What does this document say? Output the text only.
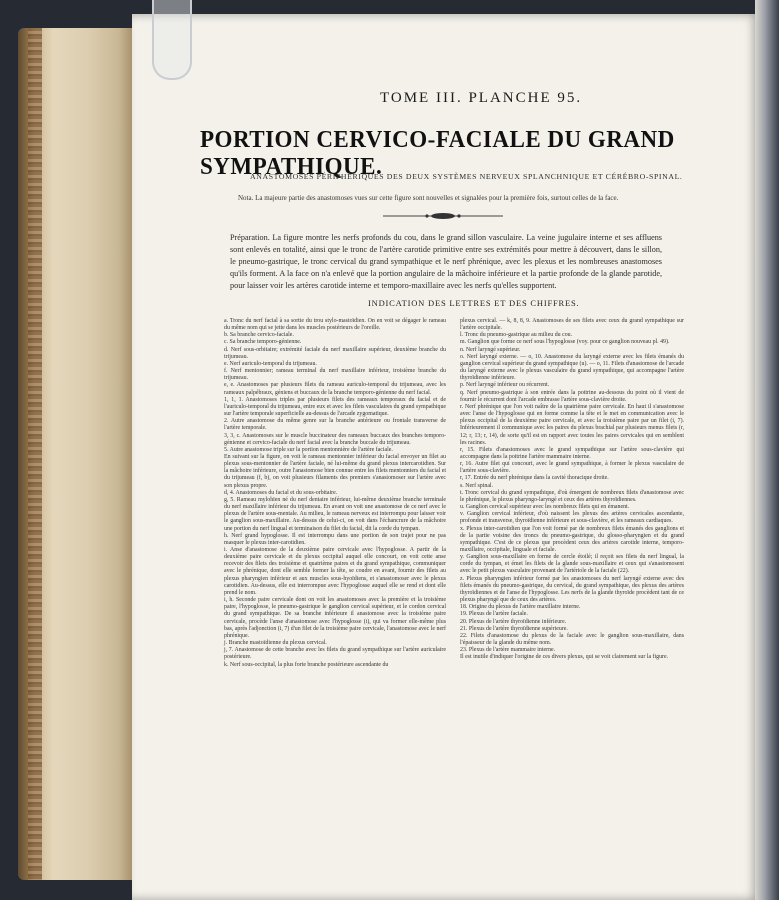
TOME III. PLANCHE 95.
PORTION CERVICO-FACIALE DU GRAND SYMPATHIQUE.
ANASTOMOSES PÉRIPHÉRIQUES DES DEUX SYSTÈMES NERVEUX SPLANCHNIQUE ET CÉRÉBRO-SPINAL.
Nota. La majeure partie des anastomoses vues sur cette figure sont nouvelles et signalées pour la première fois, surtout celles de la face.
Préparation. La figure montre les nerfs profonds du cou, dans le grand sillon vasculaire. La veine jugulaire interne et ses affluens sont enlevés en totalité, ainsi que le tronc de l'artère carotide primitive entre ses extrémités pour mettre à découvert, dans le sillon, le pneumo-gastrique, le tronc cervical du grand sympathique et le nerf phrénique, avec les plexus et les nombreuses anastomoses qu'ils forment. A la face on n'a enlevé que la portion angulaire de la mâchoire inférieure et la partie profonde de la glande parotide, pour laisser voir les artères carotide interne et temporo-maxillaire avec les nerfs qu'elles supportent.
INDICATION DES LETTRES ET DES CHIFFRES.

a. Tronc du nerf facial à sa sortie du trou stylo-mastoïdien. On en voit se dégager le rameau du même nom qui se jette dans les muscles postérieurs de l'oreille.

b. Sa branche cervico-faciale.

c. Sa branche temporo-génienne.

d. Nerf sous-orbitaire; extrémité faciale du nerf maxillaire supérieur, deuxième branche du trijumeau.

e. Nerf auriculo-temporal du trijumeau.

f. Nerf mentonnier; rameau terminal du nerf maxillaire inférieur, troisième branche du trijumeau.

e, e. Anastomoses par plusieurs filets du rameau auriculo-temporal du trijumeau, avec les rameaux palpébraux, géniens et buccaux de la branche temporo-génienne du nerf facial.

1, 1, 1. Anastomoses triples par plusieurs filets des rameaux temporaux du facial et de l'auriculo-temporal du trijumeau, entre eux et avec les filets vasculaires du grand sympathique sur l'artère temporale superficielle au-dessus de l'arcade zygomatique.

2. Autre anastomose du même genre sur la branche antérieure ou frontale transverse de l'artère temporale.

3, 3, c. Anastomoses sur le muscle buccinateur des rameaux buccaux des branches temporo-génienne et cervico-faciale du nerf facial avec la branche buccale du trijumeau.

5. Autre anastomose triple sur la portion mentonnière de l'artère faciale.

En suivant sur la figure, on voit le rameau mentonnier inférieur du facial envoyer un filet au plexus sous-mentonnier de l'artère faciale, né lui-même du grand plexus intercarotidien. Sur la mâchoire inférieure, outre l'anastomose bien connue entre les filets mentonniers du facial et du trijumeau (f, b), on voit plusieurs filaments des premiers s'anastomoser sur l'artère avec son plexus propre.

d, 4. Anastomoses du facial et du sous-orbitaire.

g, 5. Rameau mylohïen né du nerf dentaire inférieur, lui-même deuxième branche terminale du nerf maxillaire inférieur du trijumeau. En avant on voit une anastomose de ce nerf avec le plexus de l'artère sous-mentale. Au milieu, le rameau nerveux est interrompu pour laisser voir le ganglion sous-maxillaire. Au-dessus de celui-ci, on voit dans l'échancrure de la mâchoire une portion du nerf lingual et terminaison du filet du facial, dit la corde du tympan.

h. Nerf grand hypoglosse. Il est interrompu dans une portion de son trajet pour ne pas masquer le plexus inter-carotidien.

i. Anse d'anastomose de la deuxième paire cervicale avec l'hypoglosse. A partir de la deuxième paire cervicale et du plexus occipital auquel elle concourt, on voit cette anse recevoir des filets des troisième et quatrième paires et du grand sympathique, communiquer avec le phrénique, dont elle semble former la tête, se coudre en avant, fournir des filets au plexus pharyngien inférieur et aux muscles sous-hyoïdiens, et s'anastomoser avec le plexus carotidien. Au-dessus, elle est interrompue avec l'hypoglosse auquel elle se rend et dont elle prend le nom.

i, h. Seconde paire cervicale dont on voit les anastomoses avec la première et la troisième paire, l'hypoglosse, le pneumo-gastrique le ganglion cervical supérieur, et le cordon cervical du grand sympathique. De sa branche inférieure il anastomose avec la troisième paire cervicale, procède l'anse d'anastomose avec l'hypoglosse (i), qui va former elle-même plus bas, après l'adjonction (i, 7) d'un filet de la troisième paire cervicale, l'anastomose avec le nerf phrénique.

j. Branche mastoïdienne du plexus cervical.

j, 7. Anastomose de cette branche avec les filets du grand sympathique sur l'artère auriculaire postérieure.

k. Nerf sous-occipital, la plus forte branche postérieure ascendante du

plexus cervical. — k, 8, 8, 9. Anastomoses de ses filets avec ceux du grand sympathique sur l'artère occipitale.

l. Tronc du pneumo-gastrique au milieu du cou.

m. Ganglion que forme ce nerf sous l'hypoglosse (voy. pour ce ganglion nouveau pl. 49).

n. Nerf laryngé supérieur.

o. Nerf laryngé externe. — o, 10. Anastomose du laryngé externe avec les filets émanés du ganglion cervical supérieur du grand sympathique (u). — o, 11. Filets d'anastomose de l'arcade du laryngé externe avec le plexus vasculaire du grand sympathique, qui accompagne l'artère thyroïdienne inférieure.

p. Nerf laryngé inférieur ou récurrent.

q. Nerf pneumo-gastrique à son entrée dans la poitrine au-dessous du point où il vient de fournir le récurrent dont l'arcade embrasse l'artère sous-clavière droite.

r. Nerf phrénique que l'on voit naître de la quatrième paire cervicale. En haut il s'anastomose avec l'anse de l'hypoglosse qui en forme comme la tête et le met en communication avec le plexus occipital de la deuxième paire cervicale, et avec la troisième paire par un filet (i, 7). Inférieurement il communique avec les paires du plexus brachial par plusieurs menus filets (r, 12; r, 13; r, 14), de sorte qu'il est en rapport avec toutes les paires cervicales qui en semblent les racines.

r, 15. Filets d'anastomoses avec le grand sympathique sur l'artère sous-clavière qui accompagne dans la poitrine l'artère mammaire interne.

r, 16. Autre filet qui concourt, avec le grand sympathique, à former le plexus vasculaire de l'artère sous-clavière.

r, 17. Entrée du nerf phrénique dans la cavité thoracique droite.

s. Nerf spinal.

t. Tronc cervical du grand sympathique, d'où émergent de nombreux filets d'anastomose avec le phrénique, le plexus pharyngo-laryngé et ceux des artères thyroïdiennes.

u. Ganglion cervical supérieur avec les nombreux filets qui en émanent.

v. Ganglion cervical inférieur, d'où naissent les plexus des artères cervicales ascendante, profonde et transverse, thyroïdienne inférieure et sous-clavière, et les rameaux cardiaques.

x. Plexus inter-carotidien que l'on voit formé par de nombreux filets émanés des ganglions et de la partie voisine des troncs du pneumo-gastrique, du glosso-pharyngien et du grand sympathique. C'est de ce plexus que procèdent ceux des artères carotide interne, temporo-maxillaire, occipitale, linguale et faciale.

y. Ganglion sous-maxillaire en forme de cercle étoilé; il reçoit ses filets du nerf lingual, la corde du tympan, et émet les filets de la glande sous-maxillaire et ceux qui s'anastomosent avec le petit plexus vasculaire provenant de l'artériole de la faciale (22).

z. Plexus pharyngien inférieur formé par les anastomoses du nerf laryngé externe avec des filets émanés du pneumo-gastrique, du cervical, du grand sympathique, des plexus des artères thyroïdiennes et de l'anse de l'hypoglosse. Les nerfs de la glande thyroïde procèdent tant de ce plexus pharyngé que de ceux des artères.

18. Origine du plexus de l'artère maxillaire interne.

19. Plexus de l'artère faciale.

20. Plexus de l'artère thyroïdienne inférieure.

21. Plexus de l'artère thyroïdienne supérieure.

22. Filets d'anastomose du plexus de la faciale avec le ganglion sous-maxillaire, dans l'épaisseur de la glande du même nom.

23. Plexus de l'artère mammaire interne.

Il est inutile d'indiquer l'origine de ces divers plexus, qui se voit clairement sur la figure.
